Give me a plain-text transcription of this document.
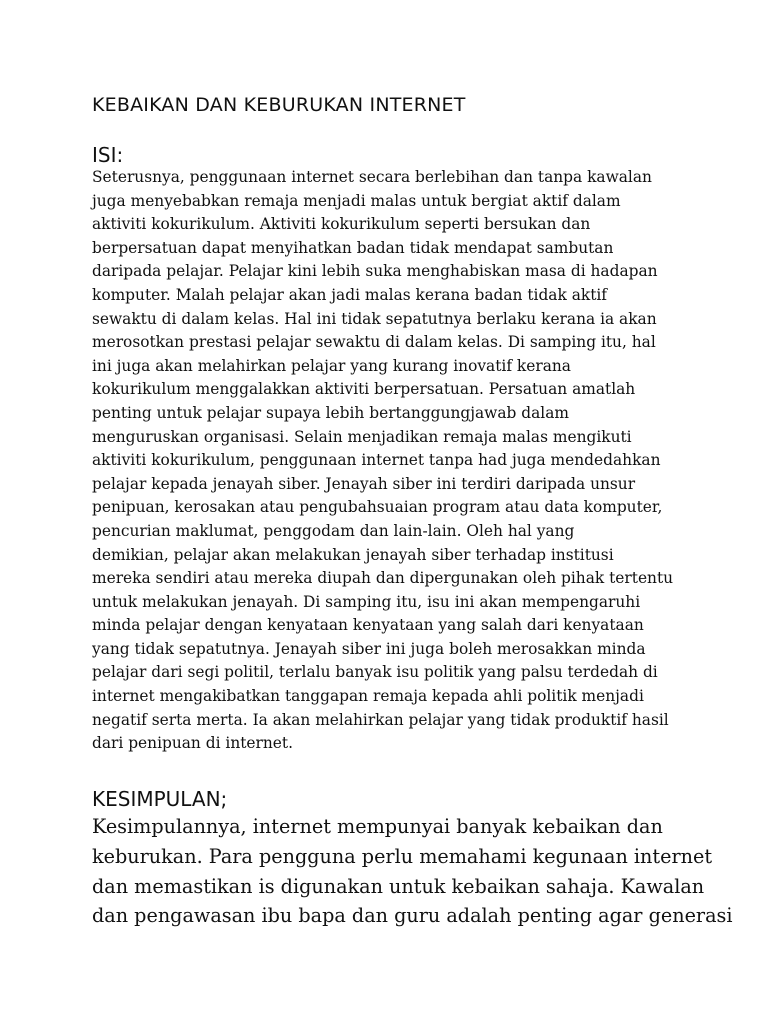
KEBAIKAN DAN KEBURUKAN INTERNET
ISI:

Seterusnya, penggunaan internet secara berlebihan dan tanpa kawalan
juga menyebabkan remaja menjadi malas untuk bergiat aktif dalam
aktiviti kokurikulum. Aktiviti kokurikulum seperti bersukan dan
berpersatuan dapat menyihatkan badan tidak mendapat sambutan
daripada pelajar. Pelajar kini lebih suka menghabiskan masa di hadapan
komputer. Malah pelajar akan jadi malas kerana badan tidak aktif
sewaktu di dalam kelas. Hal ini tidak sepatutnya berlaku kerana ia akan
merosotkan prestasi pelajar sewaktu di dalam kelas. Di samping itu, hal
ini juga akan melahirkan pelajar yang kurang inovatif kerana
kokurikulum menggalakkan aktiviti berpersatuan. Persatuan amatlah
penting untuk pelajar supaya lebih bertanggungjawab dalam
menguruskan organisasi. Selain menjadikan remaja malas mengikuti
aktiviti kokurikulum, penggunaan internet tanpa had juga mendedahkan
pelajar kepada jenayah siber. Jenayah siber ini terdiri daripada unsur
penipuan, kerosakan atau pengubahsuaian program atau data komputer,
pencurian maklumat, penggodam dan lain-lain. Oleh hal yang
demikian, pelajar akan melakukan jenayah siber terhadap institusi
mereka sendiri atau mereka diupah dan dipergunakan oleh pihak tertentu
untuk melakukan jenayah. Di samping itu, isu ini akan mempengaruhi
minda pelajar dengan kenyataan kenyataan yang salah dari kenyataan
yang tidak sepatutnya. Jenayah siber ini juga boleh merosakkan minda
pelajar dari segi politil, terlalu banyak isu politik yang palsu terdedah di
internet mengakibatkan tanggapan remaja kepada ahli politik menjadi
negatif serta merta. Ia akan melahirkan pelajar yang tidak produktif hasil
dari penipuan di internet.

KESIMPULAN;

Kesimpulannya, internet mempunyai banyak kebaikan dan
keburukan. Para pengguna perlu memahami kegunaan internet
dan memastikan is digunakan untuk kebaikan sahaja. Kawalan
dan pengawasan ibu bapa dan guru adalah penting agar generasi
